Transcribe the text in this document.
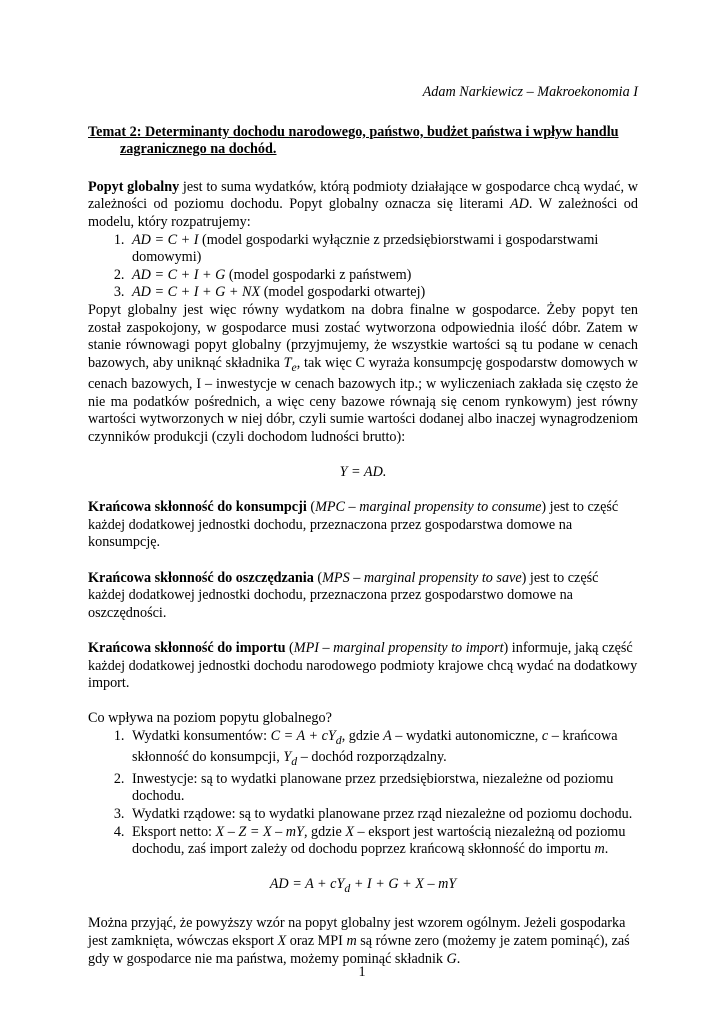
Adam Narkiewicz – Makroekonomia I

Temat 2: Determinanty dochodu narodowego, państwo, budżet państwa i wpływ handlu zagranicznego na dochód.

Popyt globalny jest to suma wydatków, którą podmioty działające w gospodarce chcą wydać, w zależności od poziomu dochodu. Popyt globalny oznacza się literami AD. W zależności od modelu, który rozpatrujemy:

1. AD = C + I (model gospodarki wyłącznie z przedsiębiorstwami i gospodarstwami domowymi)
2. AD = C + I + G (model gospodarki z państwem)
3. AD = C + I + G + NX (model gospodarki otwartej)

Popyt globalny jest więc równy wydatkom na dobra finalne w gospodarce. Żeby popyt ten został zaspokojony, w gospodarce musi zostać wytworzona odpowiednia ilość dóbr. Zatem w stanie równowagi popyt globalny (przyjmujemy, że wszystkie wartości są tu podane w cenach bazowych, aby uniknąć składnika $T_e$, tak więc C wyraża konsumpcję gospodarstw domowych w cenach bazowych, I – inwestycje w cenach bazowych itp.; w wyliczeniach zakłada się często że nie ma podatków pośrednich, a więc ceny bazowe równają się cenom rynkowym) jest równy wartości wytworzonych w niej dóbr, czyli sumie wartości dodanej albo inaczej wynagrodzeniom czynników produkcji (czyli dochodom ludności brutto):

Y = AD.

Krańcowa skłonność do konsumpcji (MPC – marginal propensity to consume) jest to część każdej dodatkowej jednostki dochodu, przeznaczona przez gospodarstwa domowe na konsumpcję.

Krańcowa skłonność do oszczędzania (MPS – marginal propensity to save) jest to część każdej dodatkowej jednostki dochodu, przeznaczona przez gospodarstwo domowe na oszczędności.

Krańcowa skłonność do importu (MPI – marginal propensity to import) informuje, jaką część każdej dodatkowej jednostki dochodu narodowego podmioty krajowe chcą wydać na dodatkowy import.

Co wpływa na poziom popytu globalnego?

1. Wydatki konsumentów: $C = A + cY_d$, gdzie A – wydatki autonomiczne, c – krańcowa skłonność do konsumpcji, $Y_d$ – dochód rozporządzalny.
2. Inwestycje: są to wydatki planowane przez przedsiębiorstwa, niezależne od poziomu dochodu.
3. Wydatki rządowe: są to wydatki planowane przez rząd niezależne od poziomu dochodu.
4. Eksport netto: X – Z = X – mY, gdzie X – eksport jest wartością niezależną od poziomu dochodu, zaś import zależy od dochodu poprzez krańcową skłonność do importu m.

AD = $A + cY_d + I + G + X$ – mY

Można przyjąć, że powyższy wzór na popyt globalny jest wzorem ogólnym. Jeżeli gospodarka jest zamknięta, wówczas eksport X oraz MPI m są równe zero (możemy je zatem pominąć), zaś gdy w gospodarce nie ma państwa, możemy pominąć składnik G.

1
